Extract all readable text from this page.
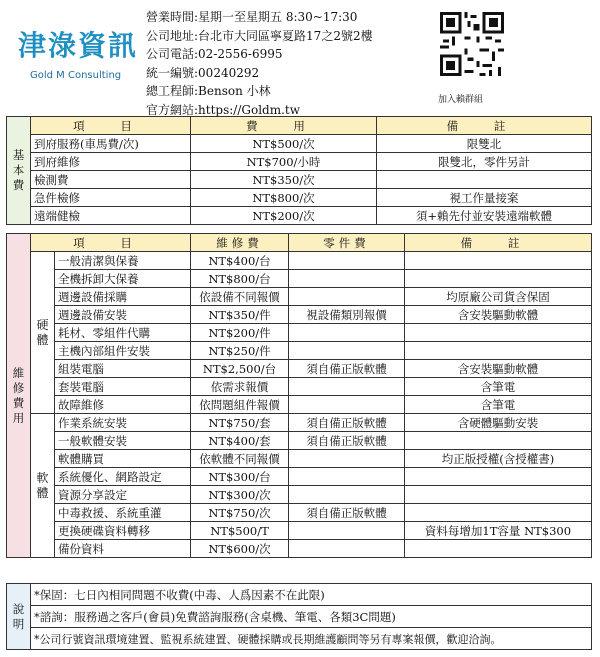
津淥資訊
Gold M Consulting
營業時間:星期一至星期五 8:30~17:30
公司地址:台北市大同區寧夏路17之2號2樓
公司電話:02-2556-6995
統一編號:00240292
總工程師:Benson 小林
官方網站:https://Goldm.tw
加入賴群組
基
本
費	項 目	費 用	備 註
	到府服務(車馬費/次)	NT$500/次	限雙北
	到府維修	NT$700/小時	限雙北，零件另計
	檢測費	NT$350/次	
	急件檢修	NT$800/次	視工作量接案
	遠端健檢	NT$200/次	須+賴先付並安裝遠端軟體
維
修
費
用	項 目		維修費	零件費	備 註

	硬
體	一般清潔與保養	NT$400/台		
		全機拆卸大保養	NT$800/台		
		週邊設備採購	依設備不同報價		均原廠公司貨含保固
		週邊設備安裝	NT$350/件	視設備類別報價	含安裝驅動軟體
		耗材、零組件代購	NT$200/件		
		主機內部組件安裝	NT$250/件		
		組裝電腦	NT$2,500/台	須自備正版軟體	含安裝驅動軟體
		套裝電腦	依需求報價		含筆電
		故障維修	依問題組件報價		含筆電

	軟
體	作業系統安裝	NT$750/套	須自備正版軟體	含硬體驅動安裝
		一般軟體安裝	NT$400/套	須自備正版軟體	
		軟體購買	依軟體不同報價		均正版授權(含授權書)
		系統優化、網路設定	NT$300/台		
		資源分享設定	NT$300/次		
		中毒救援、系統重灌	NT$750/次	須自備正版軟體	
		更換硬碟資料轉移	NT$500/T		資料每增加1T容量 NT$300
		備份資料	NT$600/次		
說
明
	*保固：七日內相同問題不收費(中毒、人爲因素不在此限)
*諮詢：服務過之客戶(會員)免費諮詢服務(含桌機、筆電、各類3C問題)
*公司行號資訊環境建置、監視系統建置、硬體採購或長期維護顧問等另有專案報價，歡迎洽詢。
